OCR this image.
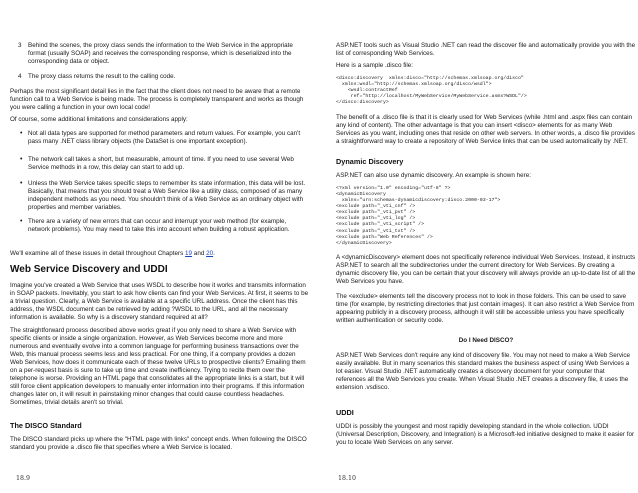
3 Behind the scenes, the proxy class sends the information to the Web Service in the appropriate format (usually SOAP) and receives the corresponding response, which is deserialized into the corresponding data or object.
4 The proxy class returns the result to the calling code.

Perhaps the most significant detail lies in the fact that the client does not need to be aware that a remote function call to a Web Service is being made. The process is completely transparent and works as though you were calling a function in your own local code!

Of course, some additional limitations and considerations apply:

• Not all data types are supported for method parameters and return values. For example, you can't pass many .NET class library objects (the DataSet is one important exception).
• The network call takes a short, but measurable, amount of time. If you need to use several Web Service methods in a row, this delay can start to add up.
• Unless the Web Service takes specific steps to remember its state information, this data will be lost. Basically, that means that you should treat a Web Service like a utility class, composed of as many independent methods as you need. You shouldn't think of a Web Service as an ordinary object with properties and member variables.
• There are a variety of new errors that can occur and interrupt your web method (for example, network problems). You may need to take this into account when building a robust application.

We'll examine all of these issues in detail throughout Chapters 19 and 20.

Web Service Discovery and UDDI

Imagine you've created a Web Service that uses WSDL to describe how it works and transmits information in SOAP packets. Inevitably, you start to ask how clients can find your Web Services. At first, it seems to be a trivial question. Clearly, a Web Service is available at a specific URL address. Once the client has this address, the WSDL document can be retrieved by adding ?WSDL to the URL, and all the necessary information is available. So why is a discovery standard required at all?

The straightforward process described above works great if you only need to share a Web Service with specific clients or inside a single organization. However, as Web Services become more and more numerous and eventually evolve into a common language for performing business transactions over the Web, this manual process seems less and less practical. For one thing, if a company provides a dozen Web Services, how does it communicate each of these twelve URLs to prospective clients? Emailing them on a per-request basis is sure to take up time and create inefficiency. Trying to recite them over the telephone is worse. Providing an HTML page that consolidates all the appropriate links is a start, but it will still force client application developers to manually enter information into their programs. If this information changes later on, it will result in painstaking minor changes that could cause countless headaches. Sometimes, trivial details aren't so trivial.

The DISCO Standard

The DISCO standard picks up where the "HTML page with links" concept ends. When following the DISCO standard you provide a .disco file that specifies where a Web Service is located.

18.9

ASP.NET tools such as Visual Studio .NET can read the discover file and automatically provide you with the list of corresponding Web Services.

Here is a sample .disco file:

<disco:discovery  xmlns:disco="http://schemas.xmlsoap.org/disco"
xmlns:wsdl="http://schemas.xmlsoap.org/disco/wsdl">
<wsdl:contractRef
ref="http://localhost/MyWebService/MyWebService.asmx?WSDL"/>
</disco:discovery>

The benefit of a .disco file is that it is clearly used for Web Services (while .html and .aspx files can contain any kind of content). The other advantage is that you can insert <disco> elements for as many Web Services as you want, including ones that reside on other web servers. In other words, a .disco file provides a straightforward way to create a repository of Web Service links that can be used automatically by .NET.

Dynamic Discovery

ASP.NET can also use dynamic discovery. An example is shown here:

<?xml version="1.0" encoding="utf-8" ?>
<dynamicDiscovery
xmlns="urn:schemas-dynamicdiscovery:disco.2000-03-17">
<exclude path="_vti_cnf" />
<exclude path="_vti_pvt" />
<exclude path="_vti_log" />
<exclude path="_vti_script" />
<exclude path="_vti_txt" />
<exclude path="Web References" />
</dynamicDiscovery>

A <dynamicDiscovery> element does not specifically reference individual Web Services. Instead, it instructs ASP.NET to search all the subdirectories under the current directory for Web Services. By creating a dynamic discovery file, you can be certain that your discovery will always provide an up-to-date list of all the Web Services you have.

The <exclude> elements tell the discovery process not to look in those folders. This can be used to save time (for example, by restricting directories that just contain images). It can also restrict a Web Service from appearing publicly in a discovery process, although it will still be accessible unless you have specifically written authentication or security code.

Do I Need DISCO?

ASP.NET Web Services don't require any kind of discovery file. You may not need to make a Web Service easily available. But in many scenarios this standard makes the business aspect of using Web Services a lot easier. Visual Studio .NET automatically creates a discovery document for your computer that references all the Web Services you create. When Visual Studio .NET creates a discovery file, it uses the extension .vsdisco.

UDDI

UDDI is possibly the youngest and most rapidly developing standard in the whole collection. UDDI (Universal Description, Discovery, and Integration) is a Microsoft-led initiative designed to make it easier for you to locate Web Services on any server.

18.10
